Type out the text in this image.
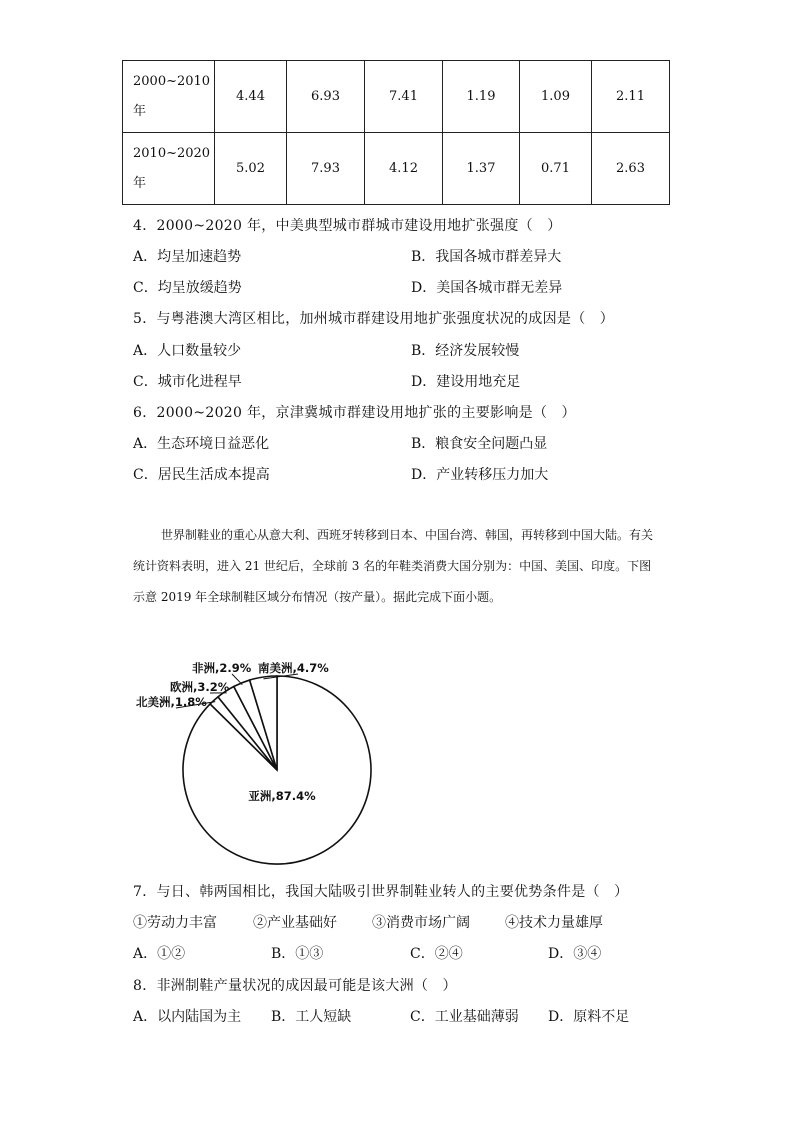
2000~2010
年	4.44	6.93	7.41	1.19	1.09	2.11
2010~2020
年	5.02	7.93	4.12	1.37	0.71	2.63
4．2000~2020 年，中美典型城市群城市建设用地扩张强度（　）
A．均呈加速趋势	B．我国各城市群差异大
C．均呈放缓趋势	D．美国各城市群无差异
5．与粤港澳大湾区相比，加州城市群建设用地扩张强度状况的成因是（　）
A．人口数量较少	B．经济发展较慢
C．城市化进程早	D．建设用地充足
6．2000~2020 年，京津冀城市群建设用地扩张的主要影响是（　）
A．生态环境日益恶化	B．粮食安全问题凸显
C．居民生活成本提高	D．产业转移压力加大
世界制鞋业的重心从意大利、西班牙转移到日本、中国台湾、韩国，再转移到中国大陆。有关统计资料表明，进入 21 世纪后，全球前 3 名的年鞋类消费大国分别为：中国、美国、印度。下图示意 2019 年全球制鞋区域分布情况（按产量）。据此完成下面小题。
亚洲,87.4%
北美洲,1.8%
欧洲,3.2%
非洲,2.9% 南美洲,4.7%
7．与日、韩两国相比，我国大陆吸引世界制鞋业转人的主要优势条件是（　）
①劳动力丰富	②产业基础好	③消费市场广阔	④技术力量雄厚
A．①②	B．①③	C．②④	D．③④
8．非洲制鞋产量状况的成因最可能是该大洲（　）
A．以内陆国为主 B．工人短缺	C．工业基础薄弱 D．原料不足
